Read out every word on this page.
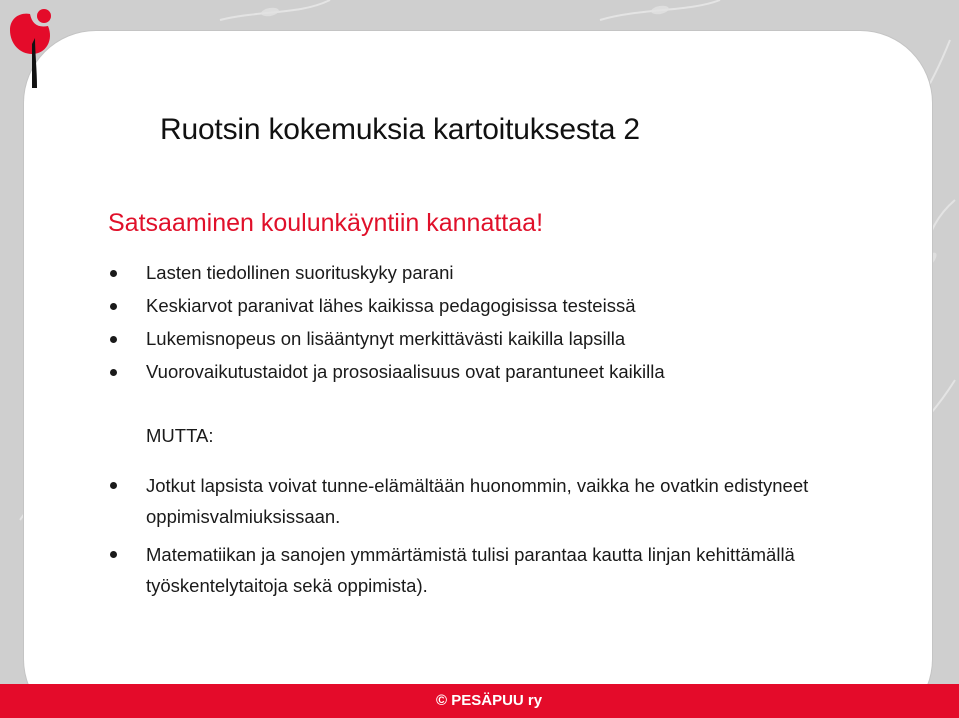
Ruotsin kokemuksia kartoituksesta 2
Satsaaminen koulunkäyntiin kannattaa!
Lasten tiedollinen suorituskyky parani
Keskiarvot paranivat lähes kaikissa pedagogisissa testeissä
Lukemisnopeus on lisääntynyt merkittävästi kaikilla lapsilla
Vuorovaikutustaidot ja prososiaalisuus ovat parantuneet kaikilla

MUTTA:

Jotkut lapsista voivat tunne-elämältään huonommin, vaikka he ovatkin edistyneet oppimisvalmiuksissaan.
Matematiikan ja sanojen ymmärtämistä tulisi parantaa kautta linjan kehittämällä työskentelytaitoja sekä oppimista).
© PESÄPUU ry
